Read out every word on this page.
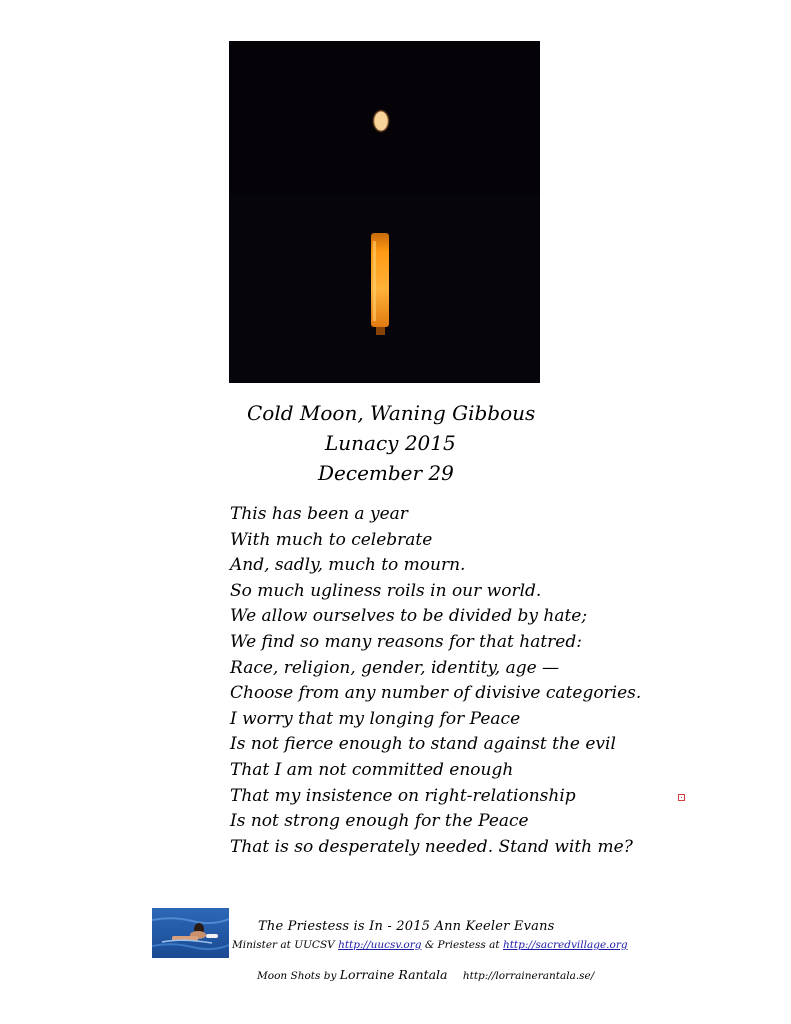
Cold Moon, Waning Gibbous
Lunacy 2015
December 29
This has been a year
With much to celebrate
And, sadly, much to mourn.
So much ugliness roils in our world.
We allow ourselves to be divided by hate;
We find so many reasons for that hatred:
Race, religion, gender, identity, age —
Choose from any number of divisive categories.
I worry that my longing for Peace
Is not fierce enough to stand against the evil
That I am not committed enough
That my insistence on right-relationship
Is not strong enough for the Peace
That is so desperately needed. Stand with me?
The Priestess is In - 2015 Ann Keeler Evans
Minister at UUCSV http://uucsv.org & Priestess at http://sacredvillage.org
Moon Shots by Lorraine Rantala http://lorrainerantala.se/
